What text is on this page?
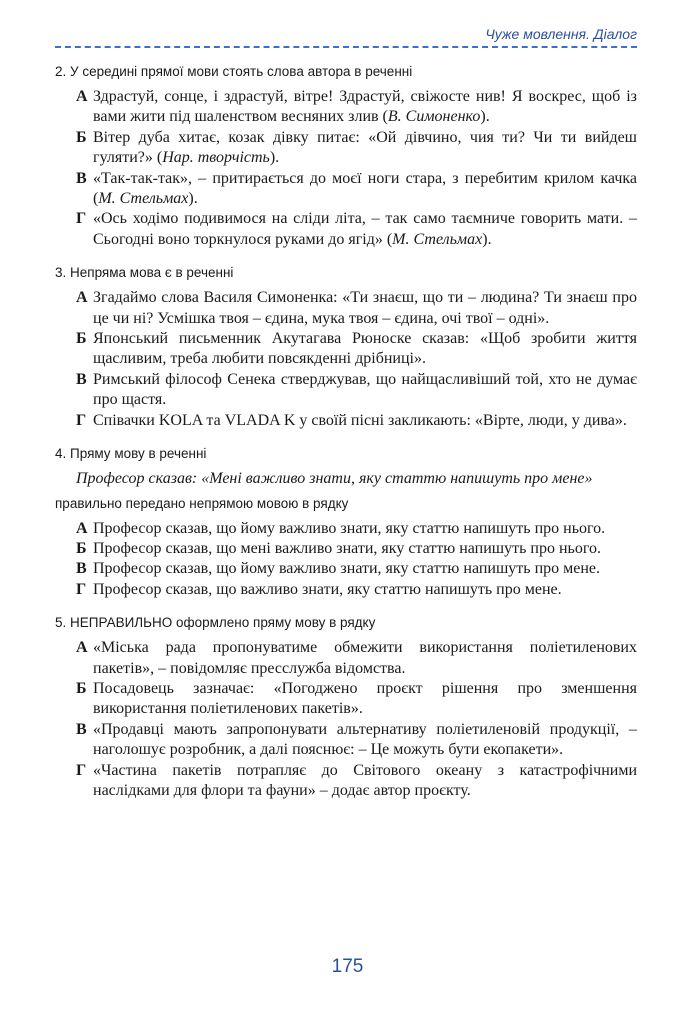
Чуже мовлення. Діалог

2. У середині прямої мови стоять слова автора в реченні

А Здрастуй, сонце, і здрастуй, вітре! Здрастуй, свіжосте нив! Я воскрес, щоб із вами жити під шаленством весняних злив (В. Симоненко).
Б Вітер дуба хитає, козак дівку питає: «Ой дівчино, чия ти? Чи ти вийдеш гуляти?» (Нар. творчість).
В «Так-так-так», – притирається до моєї ноги стара, з перебитим крилом качка (М. Стельмах).
Г «Ось ходімо подивимося на сліди літа, – так само таємниче говорить мати. – Сьогодні воно торкнулося руками до ягід» (М. Стельмах).

3. Непряма мова є в реченні

А Згадаймо слова Василя Симоненка: «Ти знаєш, що ти – людина? Ти знаєш про це чи ні? Усмішка твоя – єдина, мука твоя – єдина, очі твої – одні».
Б Японський письменник Акутагава Рюноске сказав: «Щоб зробити життя щасливим, треба любити повсякденні дрібниці».
В Римський філософ Сенека стверджував, що найщасливіший той, хто не думає про щастя.
Г Співачки KOLA та VLADA K у своїй пісні закликають: «Вірте, люди, у дива».

4. Пряму мову в реченні

Професор сказав: «Мені важливо знати, яку статтю напишуть про мене»

правильно передано непрямою мовою в рядку

А Професор сказав, що йому важливо знати, яку статтю напишуть про нього.
Б Професор сказав, що мені важливо знати, яку статтю напишуть про нього.
В Професор сказав, що йому важливо знати, яку статтю напишуть про мене.
Г Професор сказав, що важливо знати, яку статтю напишуть про мене.

5. НЕПРАВИЛЬНО оформлено пряму мову в рядку

А «Міська рада пропонуватиме обмежити використання поліетиленових пакетів», – повідомляє пресслужба відомства.
Б Посадовець зазначає: «Погоджено проєкт рішення про зменшення використання поліетиленових пакетів».
В «Продавці мають запропонувати альтернативу поліетиленовій продукції, – наголошує розробник, а далі пояснює: – Це можуть бути екопакети».
Г «Частина пакетів потрапляє до Світового океану з катастрофічними наслідками для флори та фауни» – додає автор проєкту.
175
